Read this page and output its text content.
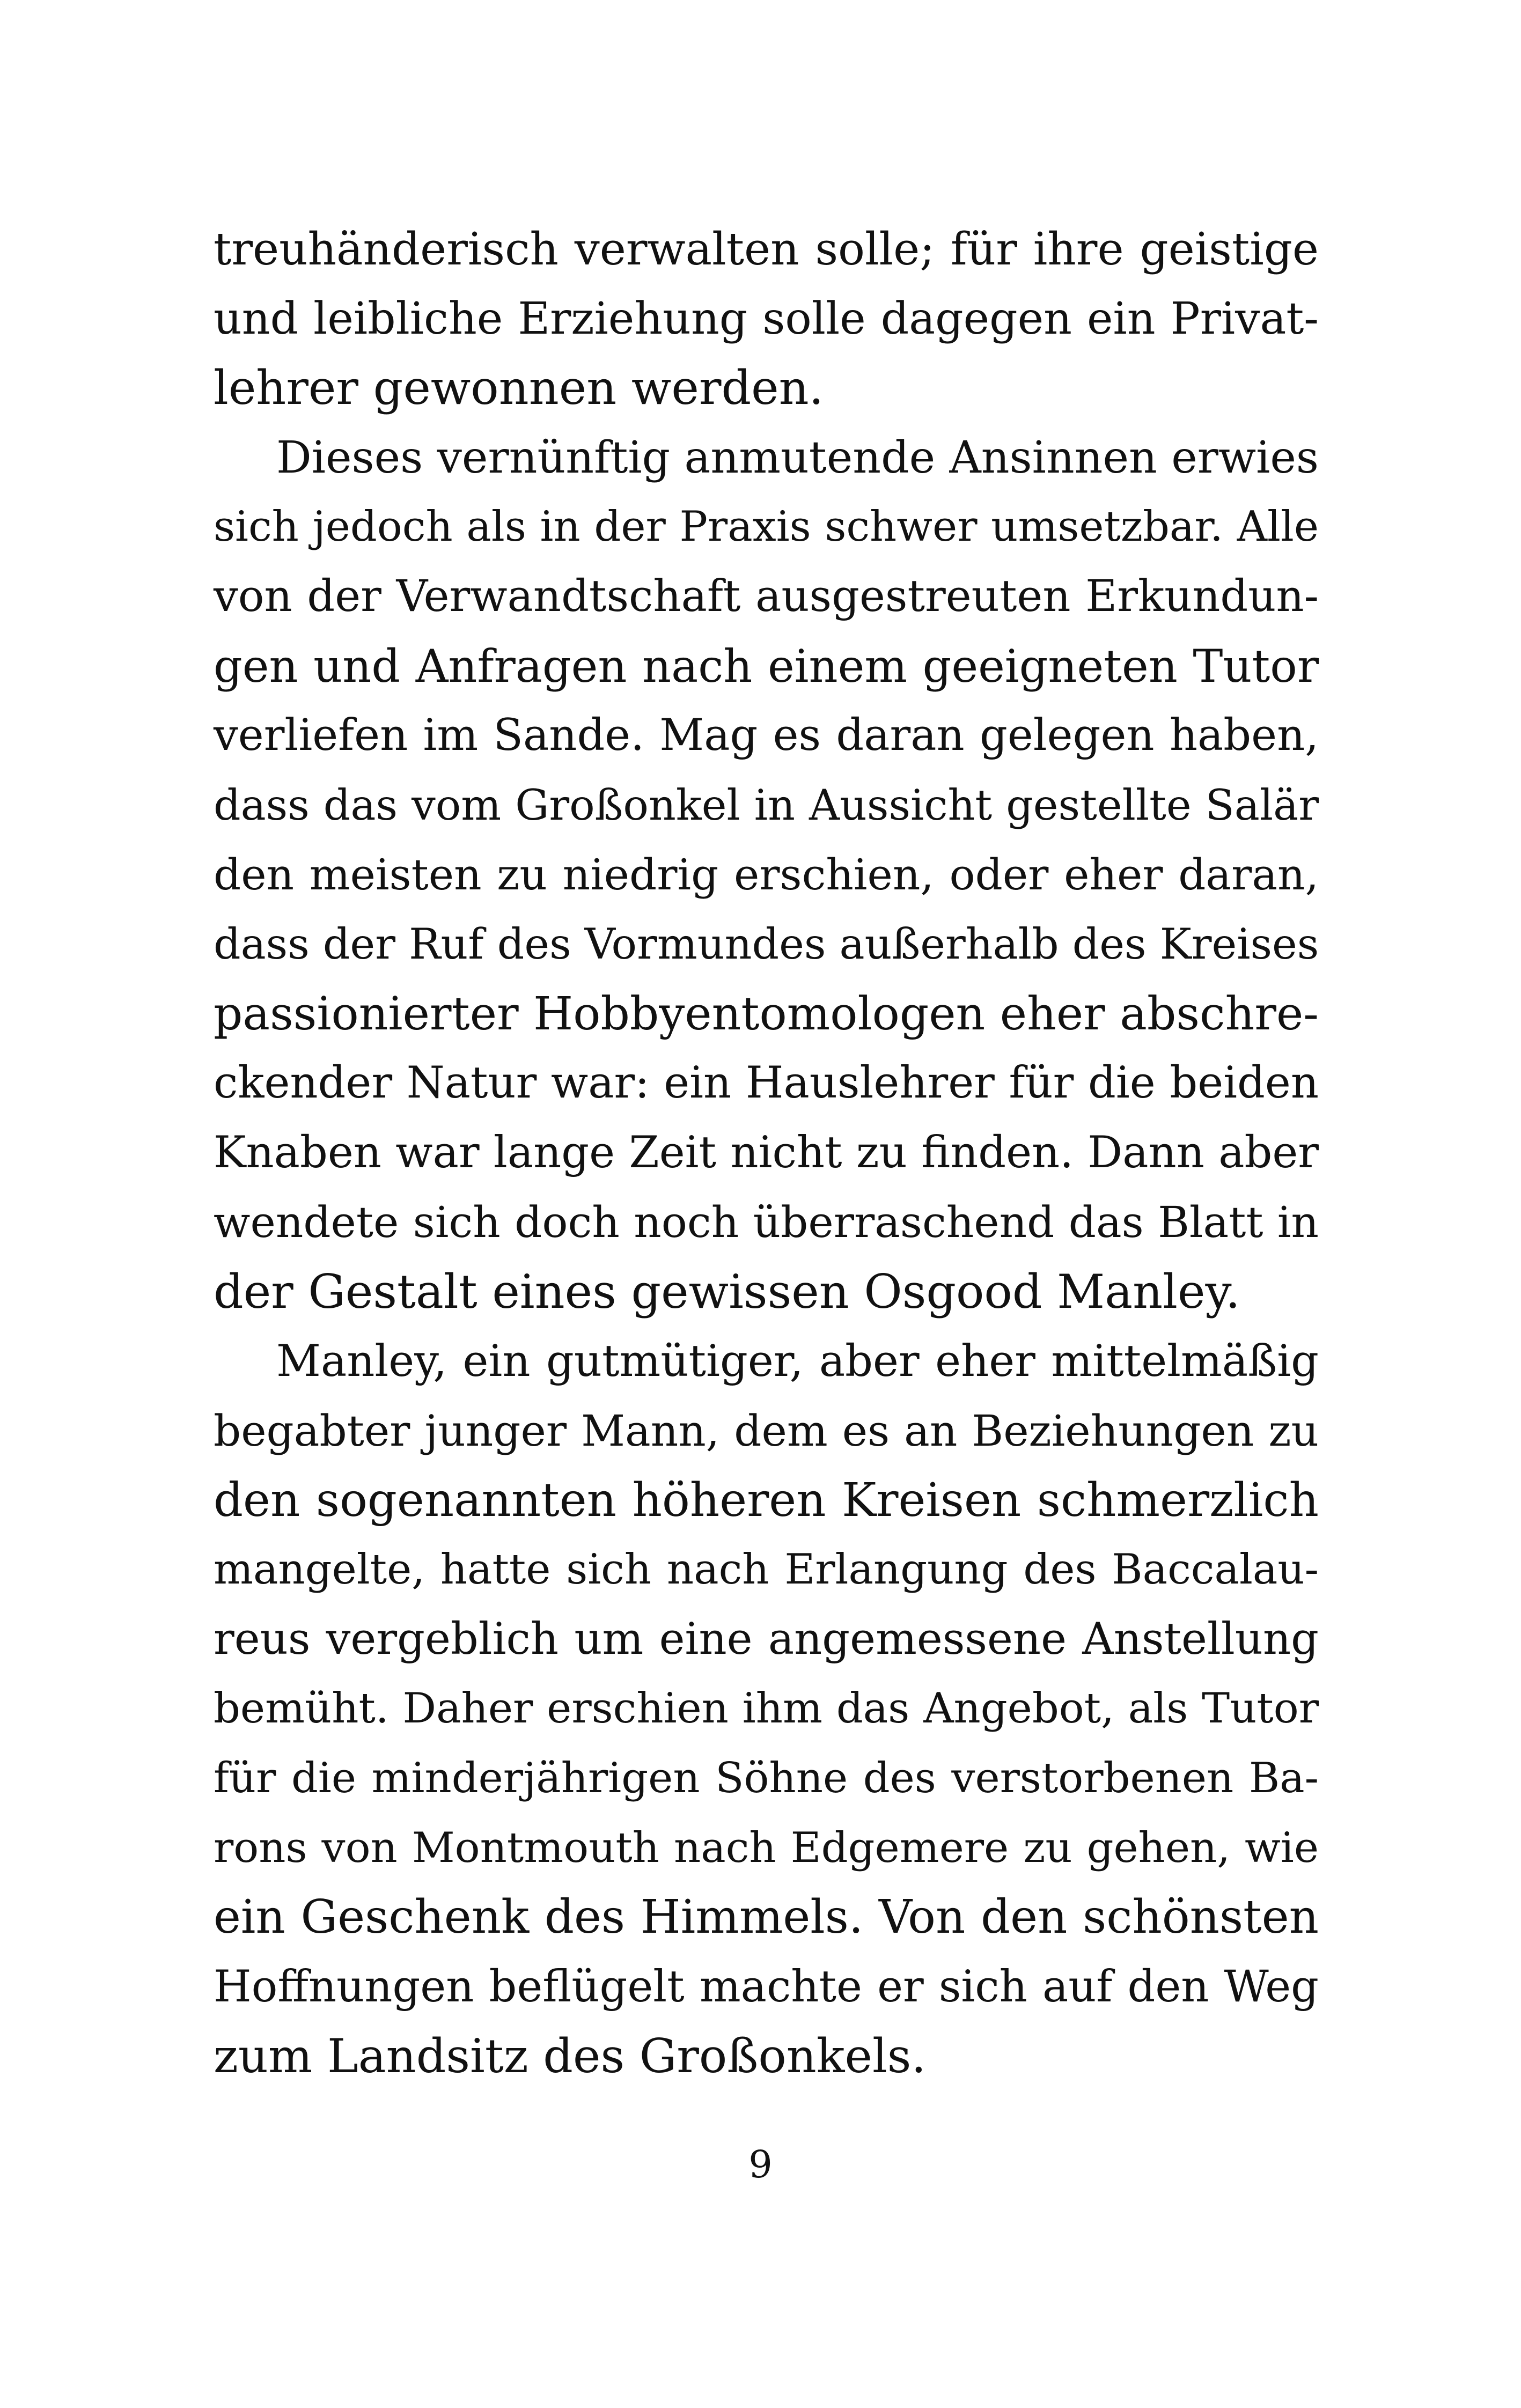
treuhänderisch verwalten solle; für ihre geistige
und leibliche Erziehung solle dagegen ein Privat-
lehrer gewonnen werden.
Dieses vernünftig anmutende Ansinnen erwies
sich jedoch als in der Praxis schwer umsetzbar. Alle
von der Verwandtschaft ausgestreuten Erkundun-
gen und Anfragen nach einem geeigneten Tutor
verliefen im Sande. Mag es daran gelegen haben,
dass das vom Großonkel in Aussicht gestellte Salär
den meisten zu niedrig erschien, oder eher daran,
dass der Ruf des Vormundes außerhalb des Kreises
passionierter Hobbyentomologen eher abschre-
ckender Natur war: ein Hauslehrer für die beiden
Knaben war lange Zeit nicht zu finden. Dann aber
wendete sich doch noch überraschend das Blatt in
der Gestalt eines gewissen Osgood Manley.
Manley, ein gutmütiger, aber eher mittelmäßig
begabter junger Mann, dem es an Beziehungen zu
den sogenannten höheren Kreisen schmerzlich
mangelte, hatte sich nach Erlangung des Baccalau-
reus vergeblich um eine angemessene Anstellung
bemüht. Daher erschien ihm das Angebot, als Tutor
für die minderjährigen Söhne des verstorbenen Ba-
rons von Montmouth nach Edgemere zu gehen, wie
ein Geschenk des Himmels. Von den schönsten
Hoffnungen beflügelt machte er sich auf den Weg
zum Landsitz des Großonkels.
9
